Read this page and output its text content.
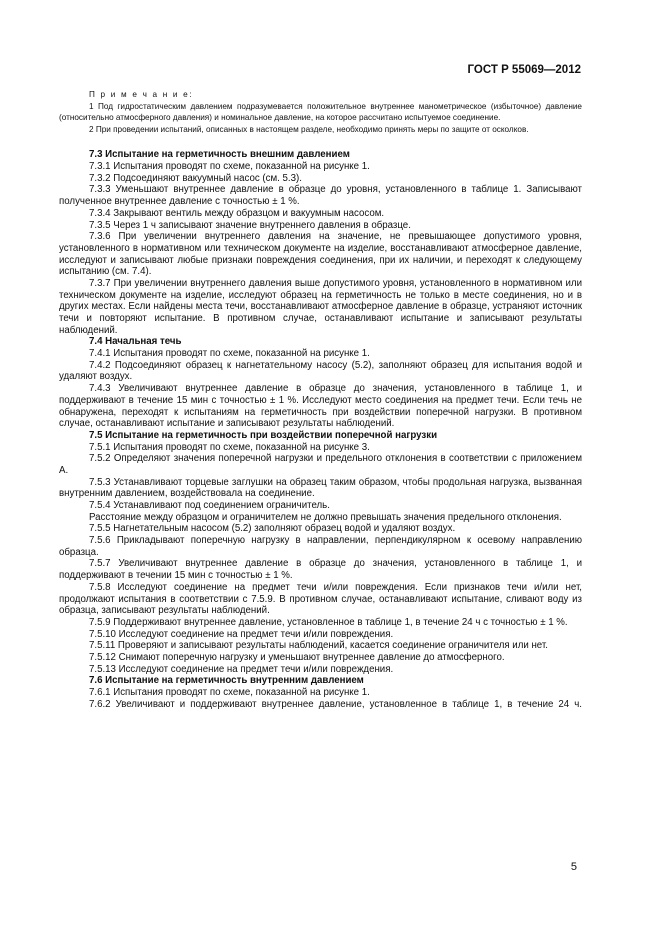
ГОСТ Р 55069—2012

П р и м е ч а н и е:

1 Под гидростатическим давлением подразумевается положительное внутреннее манометрическое (избыточное) давление (относительно атмосферного давления) и номинальное давление, на которое рассчитано испытуемое соединение.

2 При проведении испытаний, описанных в настоящем разделе, необходимо принять меры по защите от осколков.

7.3 Испытание на герметичность внешним давлением

7.3.1 Испытания проводят по схеме, показанной на рисунке 1.

7.3.2 Подсоединяют вакуумный насос (см. 5.3).

7.3.3 Уменьшают внутреннее давление в образце до уровня, установленного в таблице 1. Записывают полученное внутреннее давление с точностью ± 1 %.

7.3.4 Закрывают вентиль между образцом и вакуумным насосом.

7.3.5 Через 1 ч записывают значение внутреннего давления в образце.

7.3.6 При увеличении внутреннего давления на значение, не превышающее допустимого уровня, установленного в нормативном или техническом документе на изделие, восстанавливают атмосферное давление, исследуют и записывают любые признаки повреждения соединения, при их наличии, и переходят к следующему испытанию (см. 7.4).

7.3.7 При увеличении внутреннего давления выше допустимого уровня, установленного в нормативном или техническом документе на изделие, исследуют образец на герметичность не только в месте соединения, но и в других местах. Если найдены места течи, восстанавливают атмосферное давление в образце, устраняют источник течи и повторяют испытание. В противном случае, останавливают испытание и записывают результаты наблюдений.

7.4 Начальная течь

7.4.1 Испытания проводят по схеме, показанной на рисунке 1.

7.4.2 Подсоединяют образец к нагнетательному насосу (5.2), заполняют образец для испытания водой и удаляют воздух.

7.4.3 Увеличивают внутреннее давление в образце до значения, установленного в таблице 1, и поддерживают в течение 15 мин с точностью ± 1 %. Исследуют место соединения на предмет течи. Если течь не обнаружена, переходят к испытаниям на герметичность при воздействии поперечной нагрузки. В противном случае, останавливают испытание и записывают результаты наблюдений.

7.5 Испытание на герметичность при воздействии поперечной нагрузки

7.5.1 Испытания проводят по схеме, показанной на рисунке 3.

7.5.2 Определяют значения поперечной нагрузки и предельного отклонения в соответствии с приложением А.

7.5.3 Устанавливают торцевые заглушки на образец таким образом, чтобы продольная нагрузка, вызванная внутренним давлением, воздействовала на соединение.

7.5.4 Устанавливают под соединением ограничитель.

Расстояние между образцом и ограничителем не должно превышать значения предельного отклонения.

7.5.5 Нагнетательным насосом (5.2) заполняют образец водой и удаляют воздух.

7.5.6 Прикладывают поперечную нагрузку в направлении, перпендикулярном к осевому направлению образца.

7.5.7 Увеличивают внутреннее давление в образце до значения, установленного в таблице 1, и поддерживают в течении 15 мин с точностью ± 1 %.

7.5.8 Исследуют соединение на предмет течи и/или повреждения. Если признаков течи и/или нет, продолжают испытания в соответствии с 7.5.9. В противном случае, останавливают испытание, сливают воду из образца, записывают результаты наблюдений.

7.5.9 Поддерживают внутреннее давление, установленное в таблице 1, в течение 24 ч с точностью ± 1 %.

7.5.10 Исследуют соединение на предмет течи и/или повреждения.

7.5.11 Проверяют и записывают результаты наблюдений, касается соединение ограничителя или нет.

7.5.12 Снимают поперечную нагрузку и уменьшают внутреннее давление до атмосферного.

7.5.13 Исследуют соединение на предмет течи и/или повреждения.

7.6 Испытание на герметичность внутренним давлением

7.6.1 Испытания проводят по схеме, показанной на рисунке 1.

7.6.2 Увеличивают и поддерживают внутреннее давление, установленное в таблице 1, в течение 24 ч.

5
